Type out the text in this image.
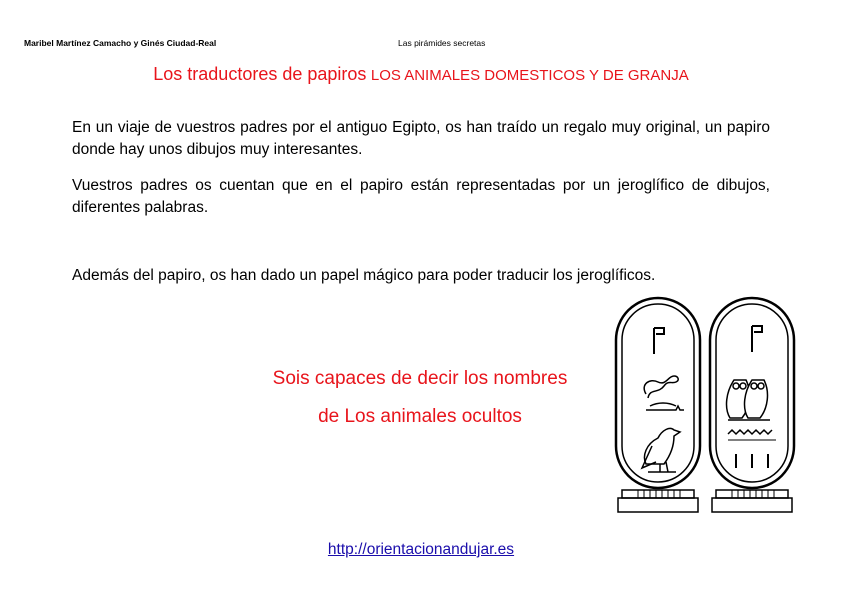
Maribel Martínez Camacho y Ginés Ciudad-Real	Las pirámides secretas
Los traductores de papiros LOS ANIMALES DOMESTICOS Y DE GRANJA
En un viaje de vuestros padres por el antiguo Egipto, os han traído un regalo muy original, un papiro donde hay unos dibujos muy interesantes.
Vuestros padres os cuentan que en el papiro están representadas por un jeroglífico de dibujos, diferentes palabras.
Además del papiro, os han dado un papel mágico para poder traducir los jeroglíficos.
Sois capaces de decir los nombres
de Los animales ocultos
http://orientacionandujar.es
